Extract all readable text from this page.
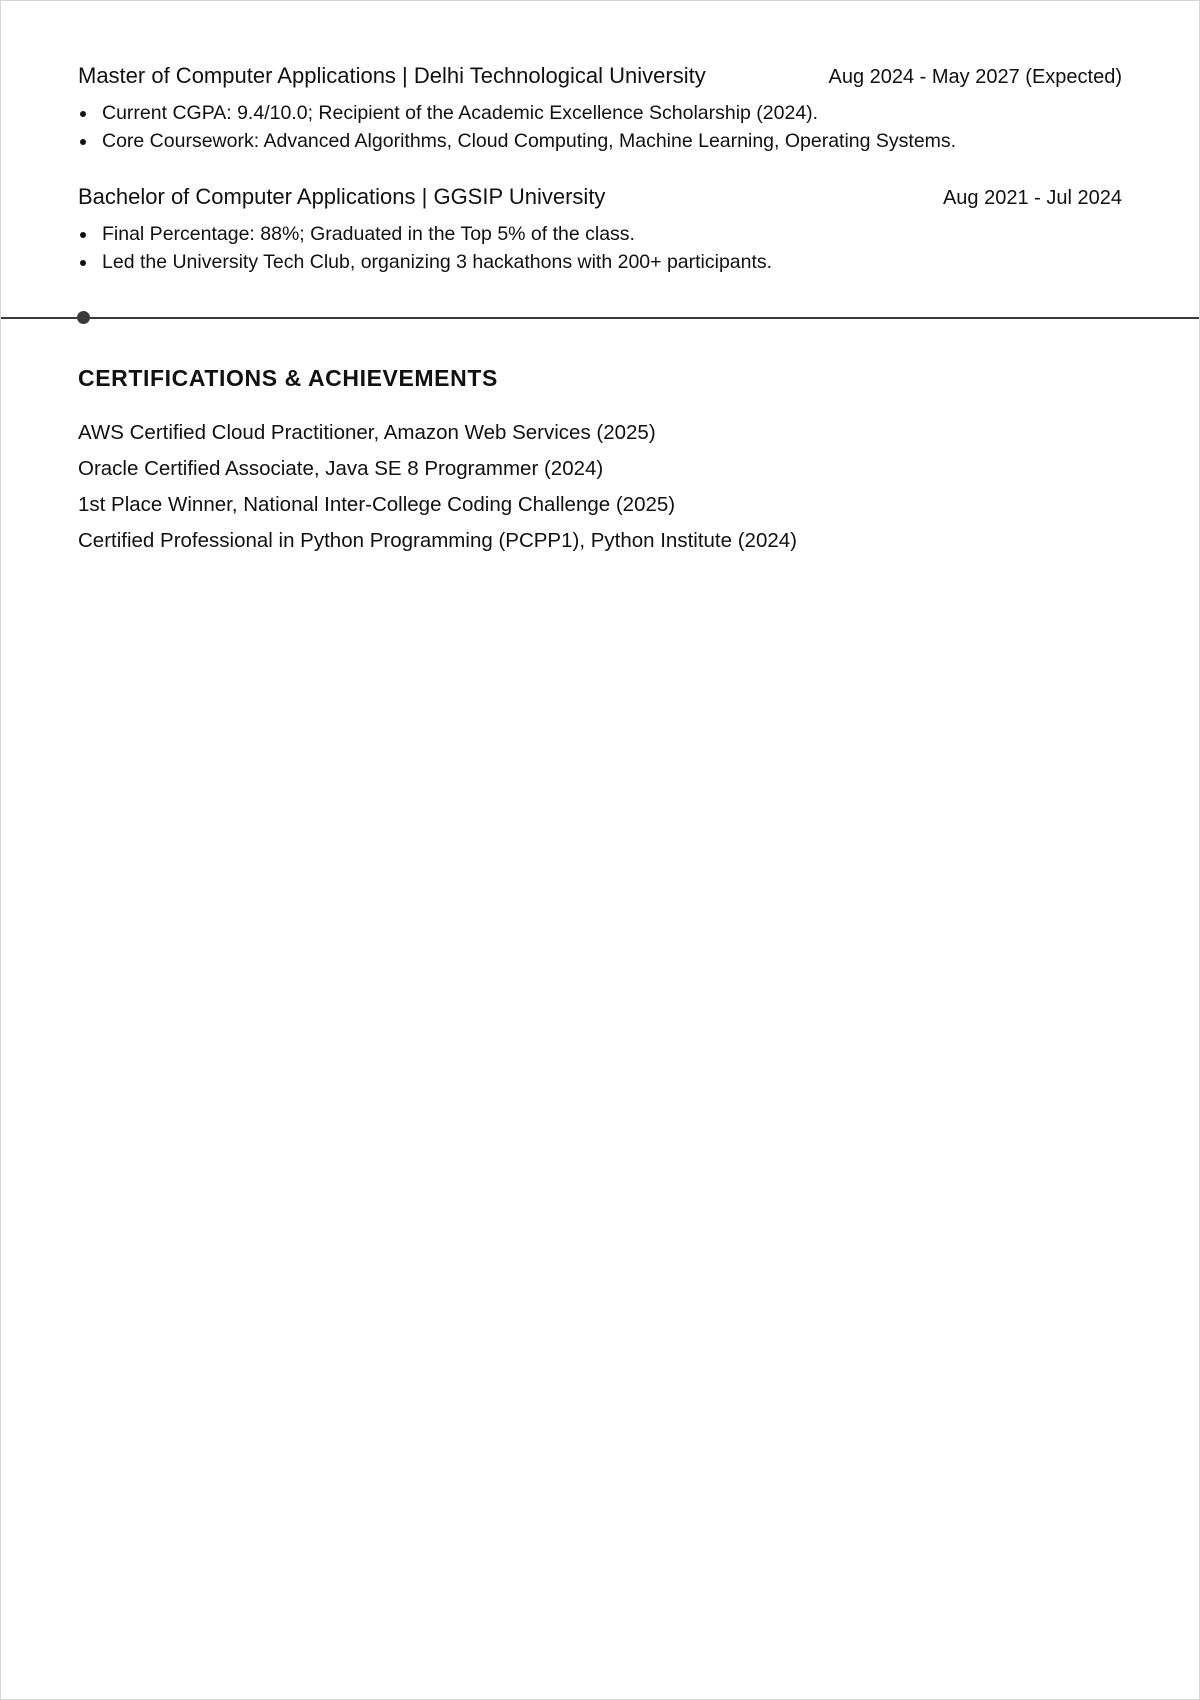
Master of Computer Applications | Delhi Technological University	Aug 2024 - May 2027 (Expected)
Current CGPA: 9.4/10.0; Recipient of the Academic Excellence Scholarship (2024).
Core Coursework: Advanced Algorithms, Cloud Computing, Machine Learning, Operating Systems.
Bachelor of Computer Applications | GGSIP University	Aug 2021 - Jul 2024
Final Percentage: 88%; Graduated in the Top 5% of the class.
Led the University Tech Club, organizing 3 hackathons with 200+ participants.
CERTIFICATIONS & ACHIEVEMENTS
AWS Certified Cloud Practitioner, Amazon Web Services (2025)
Oracle Certified Associate, Java SE 8 Programmer (2024)
1st Place Winner, National Inter-College Coding Challenge (2025)
Certified Professional in Python Programming (PCPP1), Python Institute (2024)
